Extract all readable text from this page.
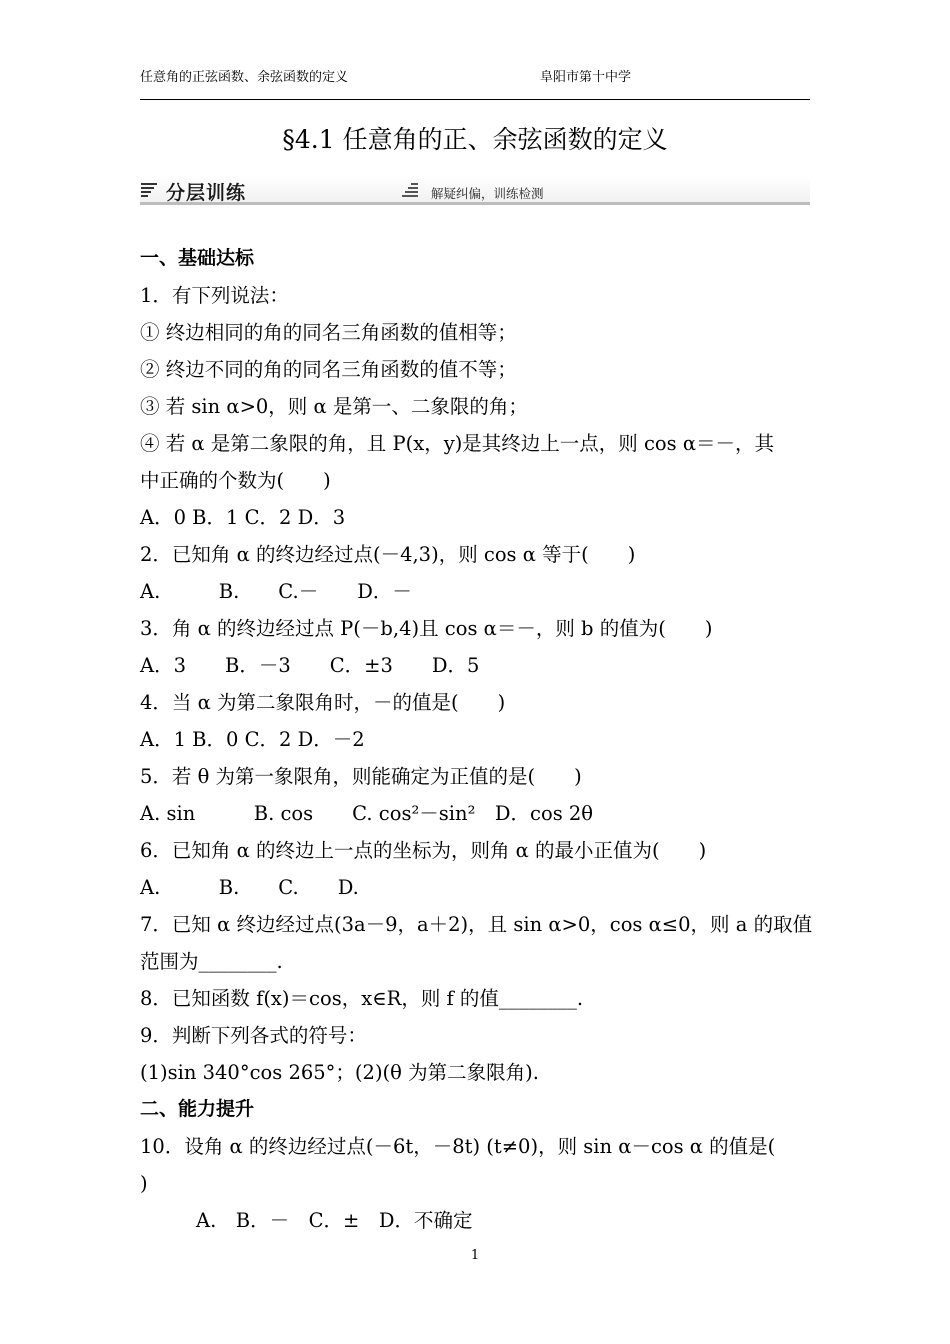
任意角的正弦函数、余弦函数的定义	阜阳市第十中学
§4.1 任意角的正、余弦函数的定义
分层训练	解疑纠偏，训练检测
一、基础达标
1．有下列说法：
① 终边相同的角的同名三角函数的值相等；
② 终边不同的角的同名三角函数的值不等；
③ 若 sin α>0，则 α 是第一、二象限的角；
④ 若 α 是第二象限的角，且 P(x，y)是其终边上一点，则 cos α＝－，其
中正确的个数为(　　)
A．0 B．1 C．2 D．3
2．已知角 α 的终边经过点(－4,3)，则 cos α 等于(　　)
A.　　　B.　　C.－　　D．－
3．角 α 的终边经过点 P(－b,4)且 cos α＝－，则 b 的值为(　　)
A．3　　B．－3　　C．±3　　D．5
4．当 α 为第二象限角时，－的值是(　　)
A．1 B．0 C．2 D．－2
5．若 θ 为第一象限角，则能确定为正值的是(　　)
A. sin　　　B. cos　　C. cos²－sin²　D．cos 2θ
6．已知角 α 的终边上一点的坐标为，则角 α 的最小正值为(　　)
A.　　　B.　　C.　　D.
7．已知 α 终边经过点(3a－9，a＋2)，且 sin α>0，cos α≤0，则 a 的取值
范围为________.
8．已知函数 f(x)＝cos，x∈R，则 f 的值________.
9．判断下列各式的符号：
(1)sin 340°cos 265°；(2)(θ 为第二象限角).
二、能力提升
10．设角 α 的终边经过点(－6t，－8t) (t≠0)，则 sin α－cos α 的值是(
)
A.　B．－　C．±　D．不确定
1
